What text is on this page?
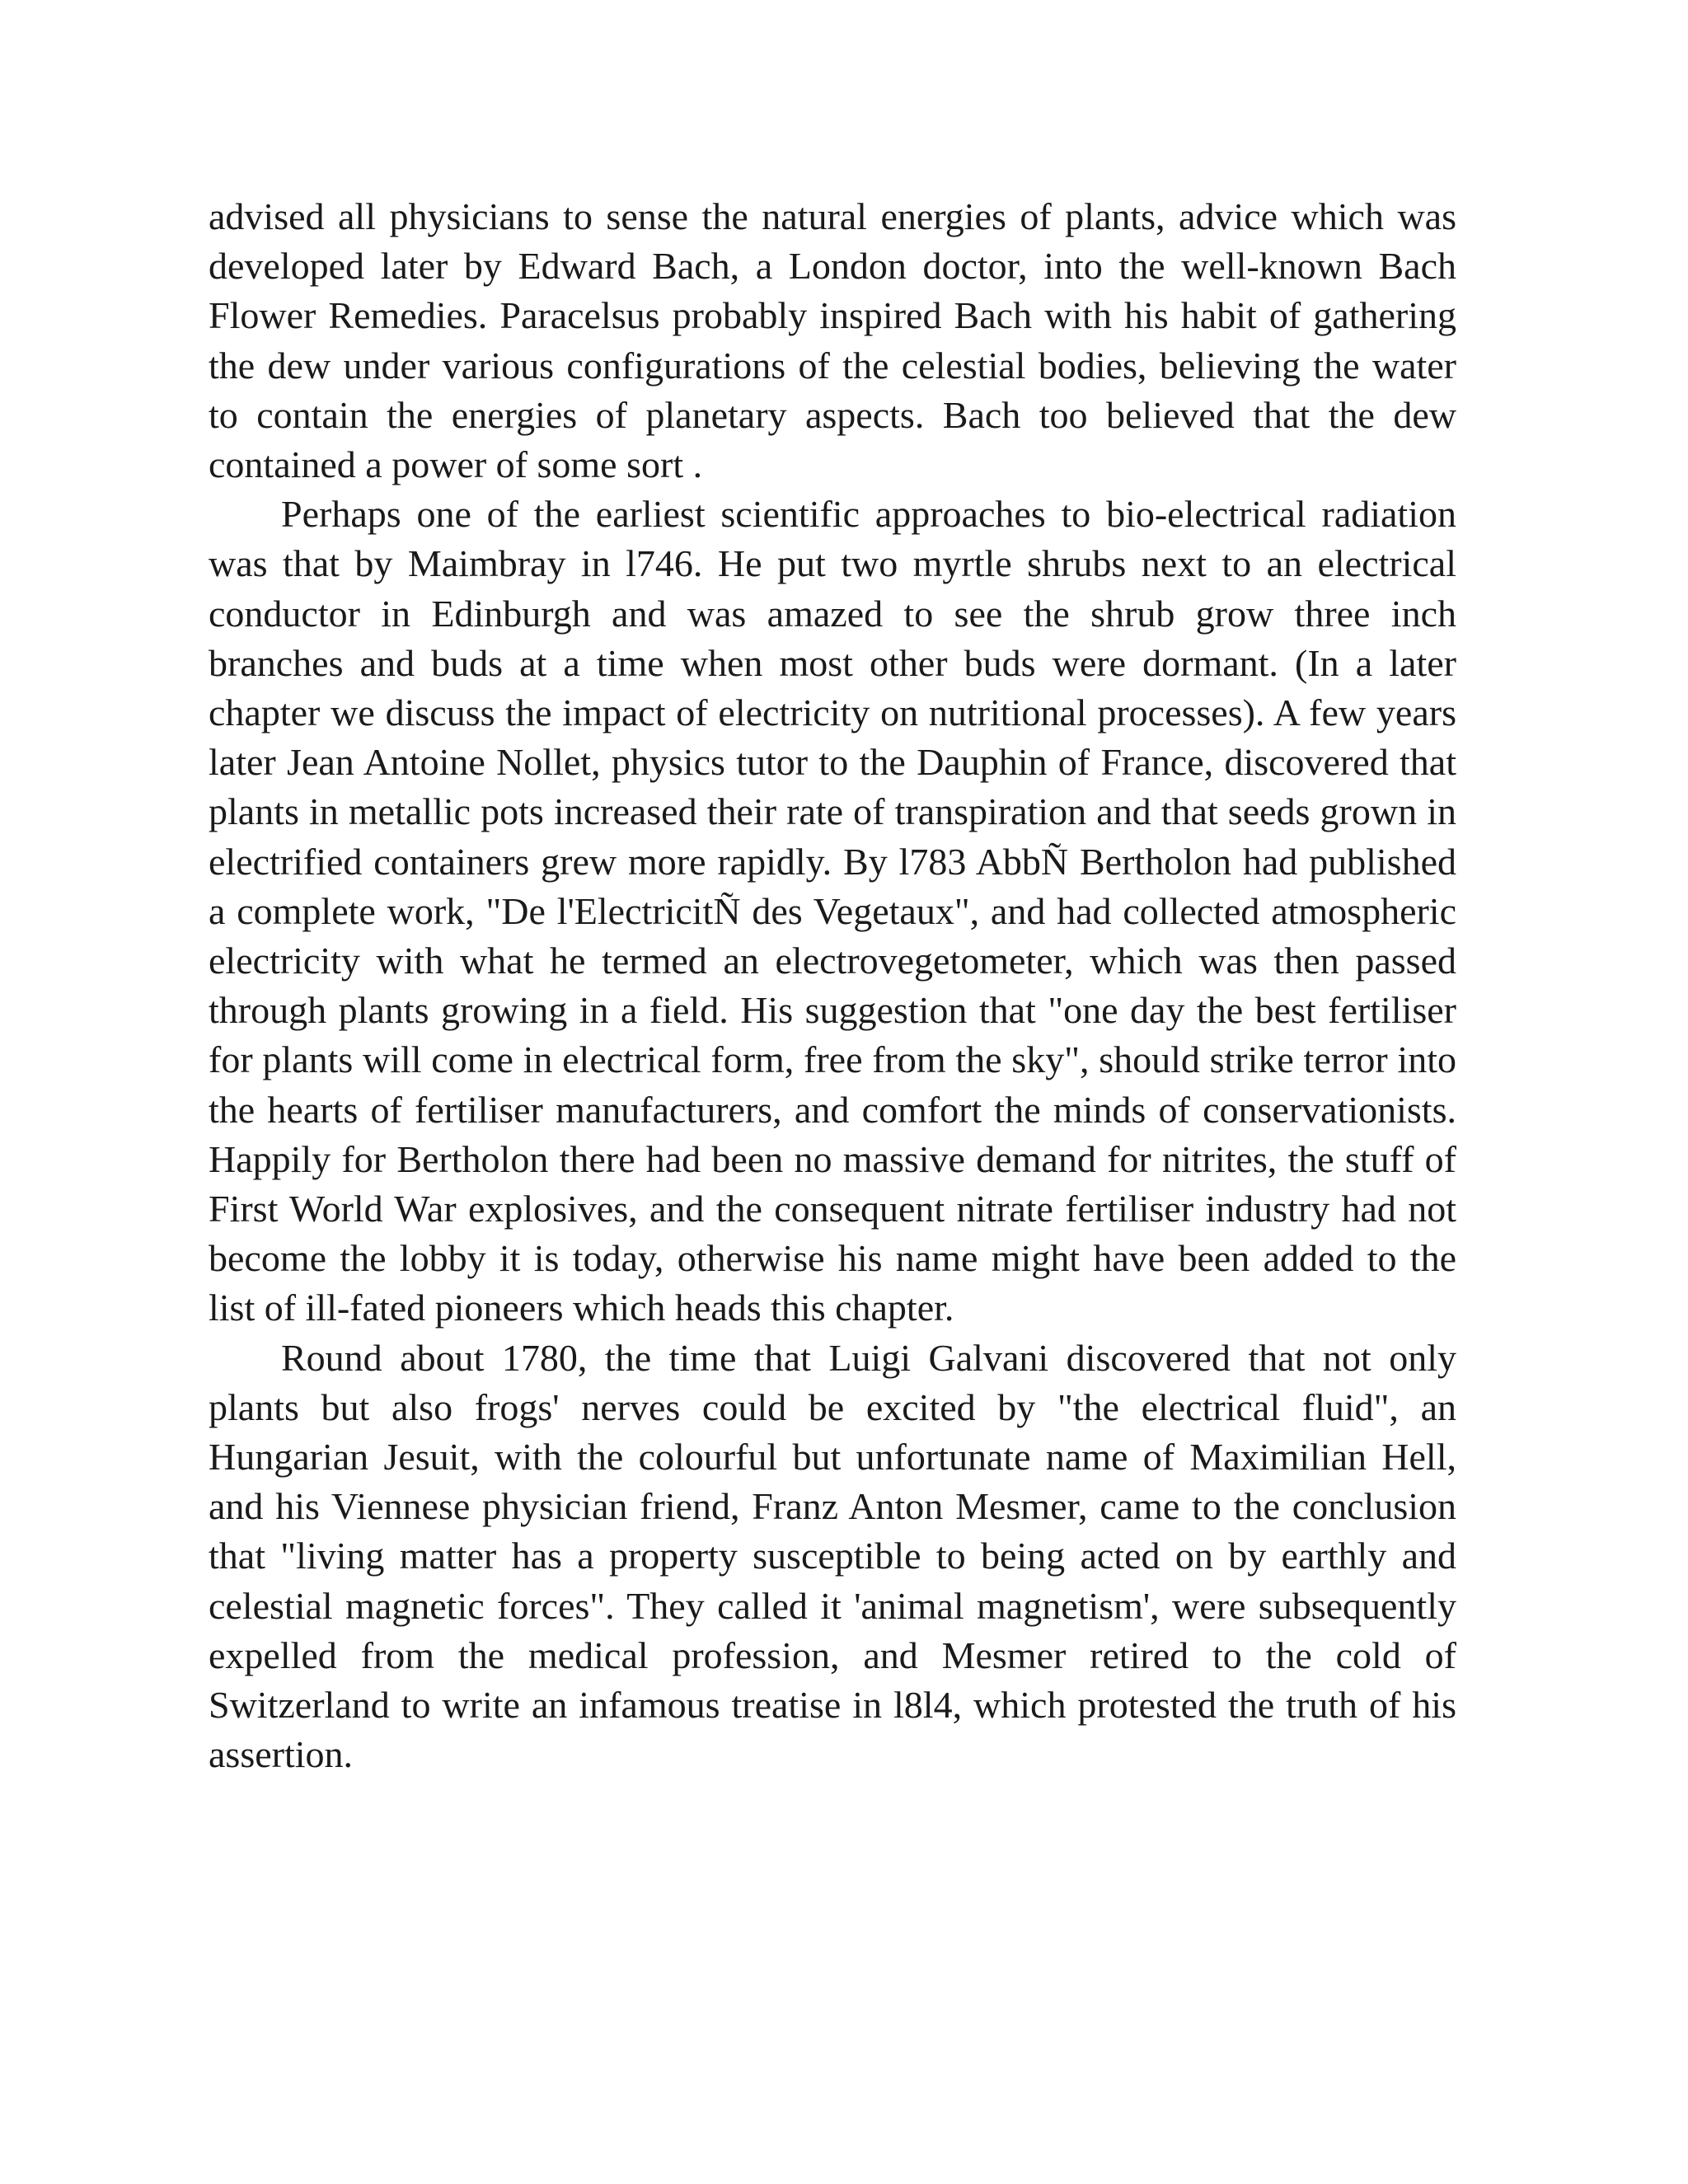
advised all physicians to sense the natural energies of plants, advice which was developed later by Edward Bach, a London doctor, into the well-known Bach Flower Remedies. Paracelsus probably inspired Bach with his habit of gathering the dew under various configurations of the celestial bodies, believing the water to contain the energies of planetary aspects. Bach too believed that the dew contained a power of some sort .

Perhaps one of the earliest scientific approaches to bio-electrical radiation was that by Maimbray in l746. He put two myrtle shrubs next to an electrical conductor in Edinburgh and was amazed to see the shrub grow three inch branches and buds at a time when most other buds were dormant. (In a later chapter we discuss the impact of electricity on nutritional processes). A few years later Jean Antoine Nollet, physics tutor to the Dauphin of France, discovered that plants in metallic pots increased their rate of transpiration and that seeds grown in electrified containers grew more rapidly. By l783 AbbÑ Bertholon had published a complete work, "De l'ElectricitÑ des Vegetaux", and had collected atmospheric electricity with what he termed an electrovegetometer, which was then passed through plants growing in a field. His suggestion that "one day the best fertiliser for plants will come in electrical form, free from the sky", should strike terror into the hearts of fertiliser manufacturers, and comfort the minds of conservationists. Happily for Bertholon there had been no massive demand for nitrites, the stuff of First World War explosives, and the consequent nitrate fertiliser industry had not become the lobby it is today, otherwise his name might have been added to the list of ill-fated pioneers which heads this chapter.

Round about 1780, the time that Luigi Galvani discovered that not only plants but also frogs' nerves could be excited by "the electrical fluid", an Hungarian Jesuit, with the colourful but unfortunate name of Maximilian Hell, and his Viennese physician friend, Franz Anton Mesmer, came to the conclusion that "living matter has a property susceptible to being acted on by earthly and celestial magnetic forces". They called it 'animal magnetism', were subsequently expelled from the medical profession, and Mesmer retired to the cold of Switzerland to write an infamous treatise in l8l4, which protested the truth of his assertion.
